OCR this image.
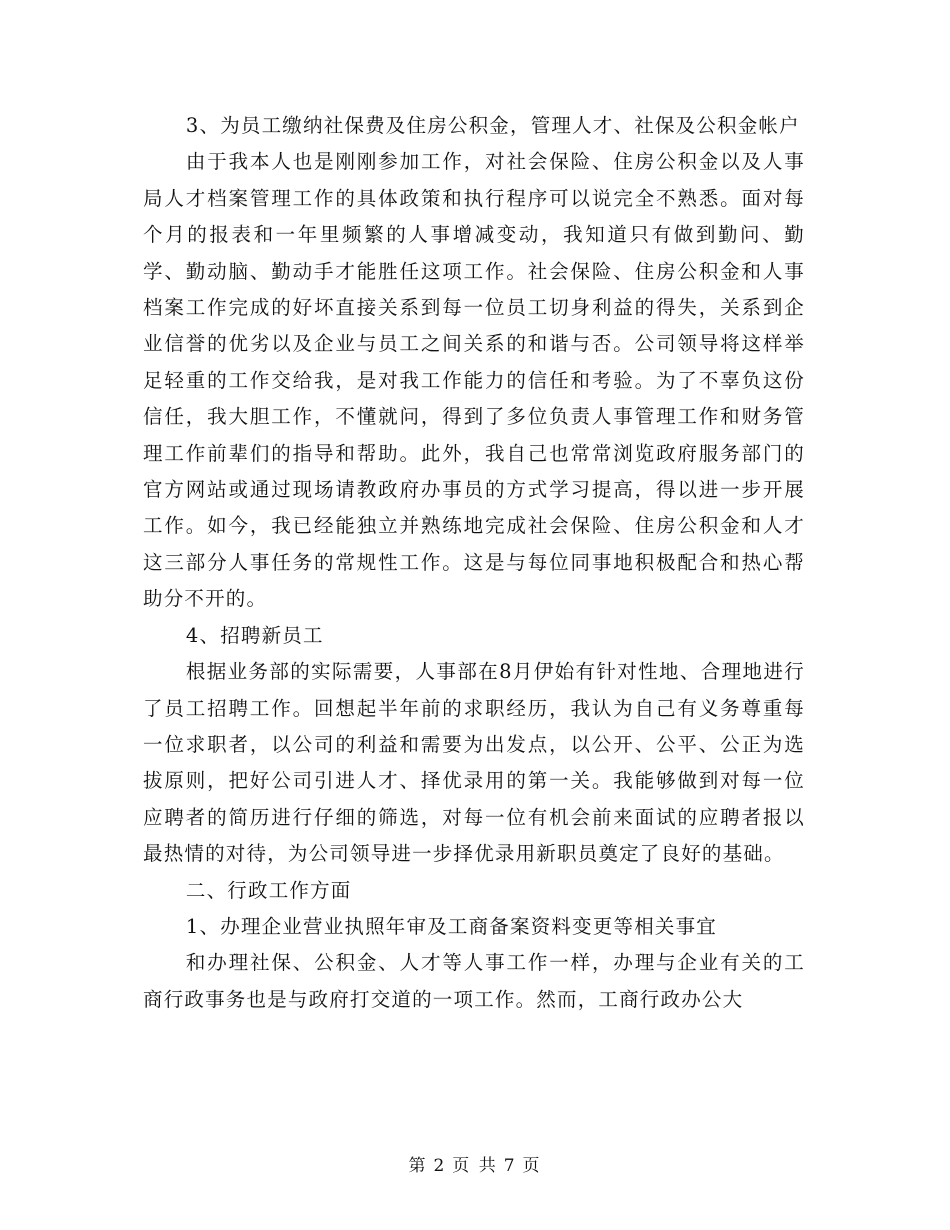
3、为员工缴纳社保费及住房公积金，管理人才、社保及公积金帐户

由于我本人也是刚刚参加工作，对社会保险、住房公积金以及人事局人才档案管理工作的具体政策和执行程序可以说完全不熟悉。面对每个月的报表和一年里频繁的人事增减变动，我知道只有做到勤问、勤学、勤动脑、勤动手才能胜任这项工作。社会保险、住房公积金和人事档案工作完成的好坏直接关系到每一位员工切身利益的得失，关系到企业信誉的优劣以及企业与员工之间关系的和谐与否。公司领导将这样举足轻重的工作交给我，是对我工作能力的信任和考验。为了不辜负这份信任，我大胆工作，不懂就问，得到了多位负责人事管理工作和财务管理工作前辈们的指导和帮助。此外，我自己也常常浏览政府服务部门的官方网站或通过现场请教政府办事员的方式学习提高，得以进一步开展工作。如今，我已经能独立并熟练地完成社会保险、住房公积金和人才这三部分人事任务的常规性工作。这是与每位同事地积极配合和热心帮助分不开的。

4、招聘新员工

根据业务部的实际需要，人事部在8月伊始有针对性地、合理地进行了员工招聘工作。回想起半年前的求职经历，我认为自己有义务尊重每一位求职者，以公司的利益和需要为出发点，以公开、公平、公正为选拔原则，把好公司引进人才、择优录用的第一关。我能够做到对每一位应聘者的简历进行仔细的筛选，对每一位有机会前来面试的应聘者报以最热情的对待，为公司领导进一步择优录用新职员奠定了良好的基础。

二、行政工作方面

1、办理企业营业执照年审及工商备案资料变更等相关事宜

和办理社保、公积金、人才等人事工作一样，办理与企业有关的工商行政事务也是与政府打交道的一项工作。然而，工商行政办公大

第 2 页 共 7 页
